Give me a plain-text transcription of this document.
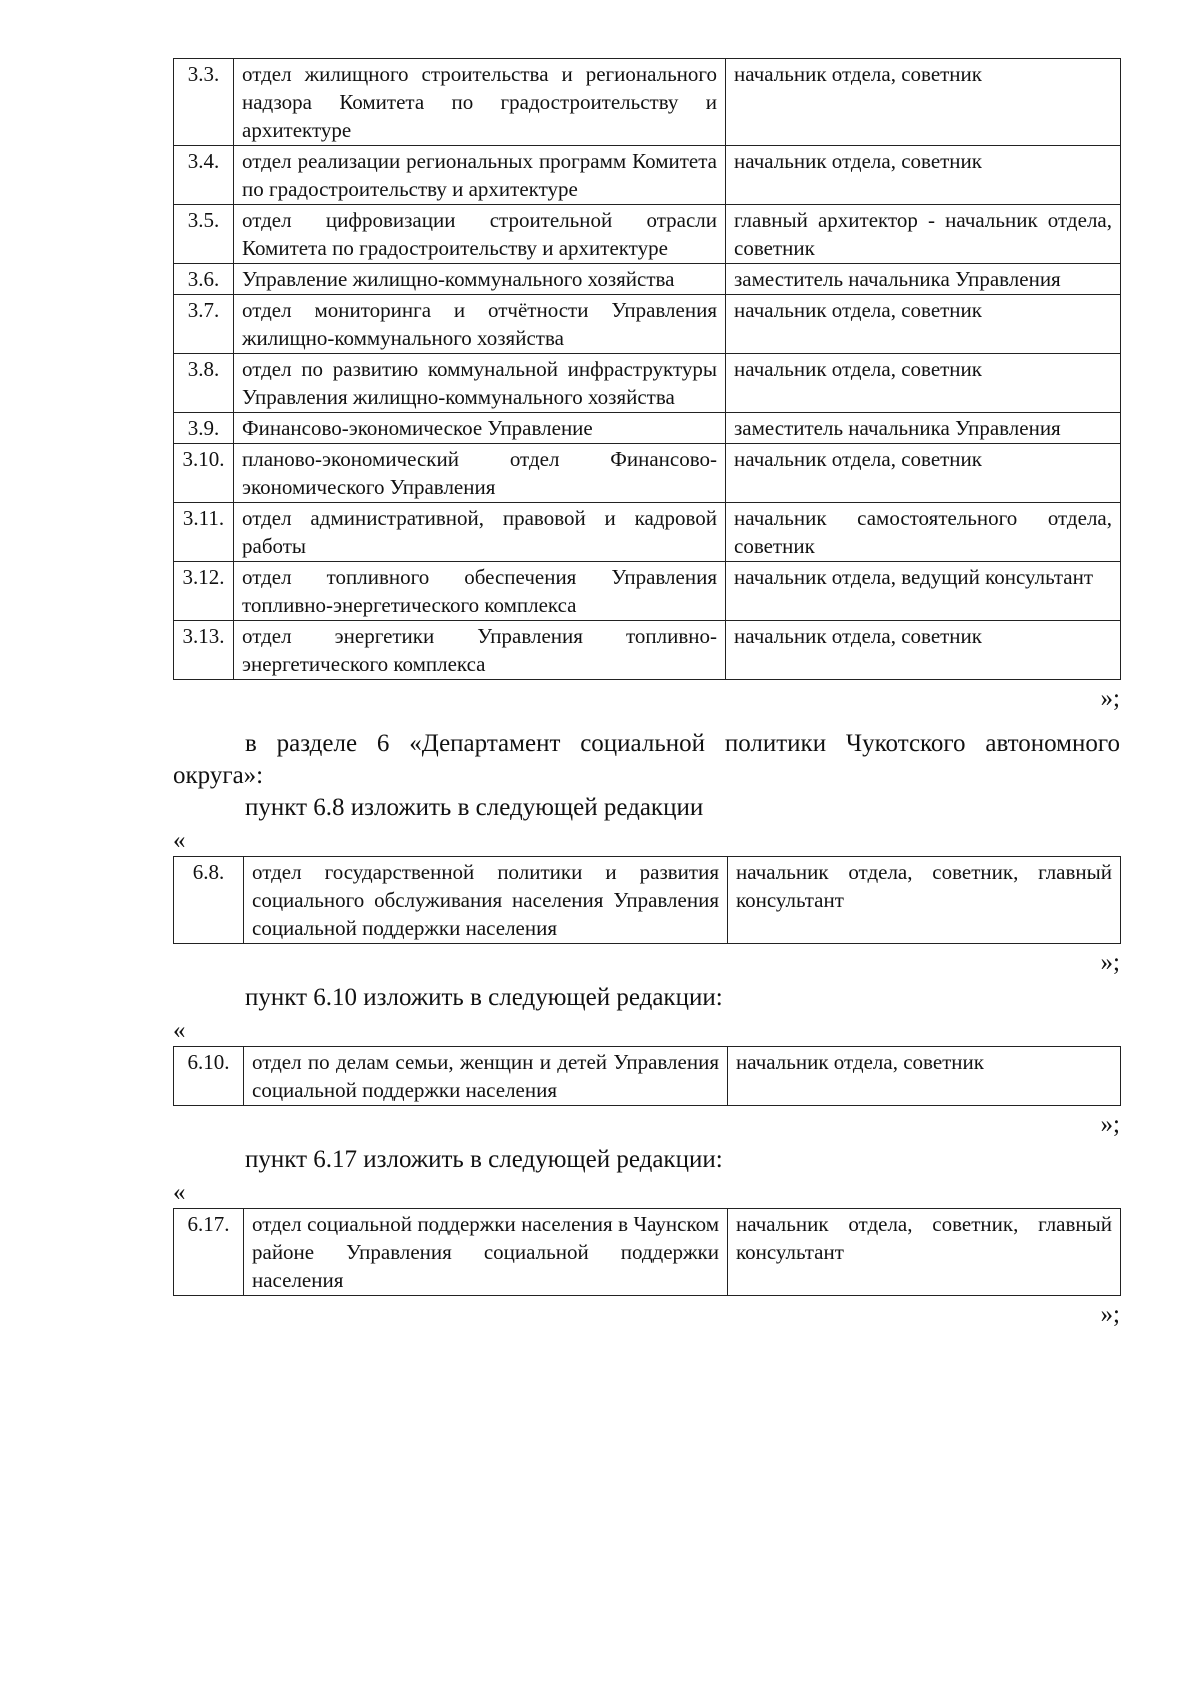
3.3.	отдел жилищного строительства и регионального надзора Комитета по градостроительству и архитектуре	начальник отдела, советник
3.4.	отдел реализации региональных программ Комитета по градостроительству и архитектуре	начальник отдела, советник
3.5.	отдел цифровизации строительной отрасли Комитета по градостроительству и архитектуре	главный архитектор - начальник отдела, советник
3.6.	Управление жилищно-коммунального хозяйства	заместитель начальника Управления
3.7.	отдел мониторинга и отчётности Управления жилищно-коммунального хозяйства	начальник отдела, советник
3.8.	отдел по развитию коммунальной инфраструктуры Управления жилищно-коммунального хозяйства	начальник отдела, советник
3.9.	Финансово-экономическое Управление	заместитель начальника Управления
3.10.	планово-экономический отдел Финансово-экономического Управления	начальник отдела, советник
3.11.	отдел административной, правовой и кадровой работы	начальник самостоятельного отдела, советник
3.12.	отдел топливного обеспечения Управления топливно-энергетического комплекса	начальник отдела, ведущий консультант
3.13.	отдел энергетики Управления топливно-энергетического комплекса	начальник отдела, советник
»;
в разделе 6 «Департамент социальной политики Чукотского автономного округа»:
пункт 6.8 изложить в следующей редакции
«
6.8.	отдел государственной политики и развития социального обслуживания населения Управления социальной поддержки населения	начальник отдела, советник, главный консультант
»;
пункт 6.10 изложить в следующей редакции:
«
6.10.	отдел по делам семьи, женщин и детей Управления социальной поддержки населения	начальник отдела, советник
»;
пункт 6.17 изложить в следующей редакции:
«
6.17.	отдел социальной поддержки населения в Чаунском районе Управления социальной поддержки населения	начальник отдела, советник, главный консультант
»;
